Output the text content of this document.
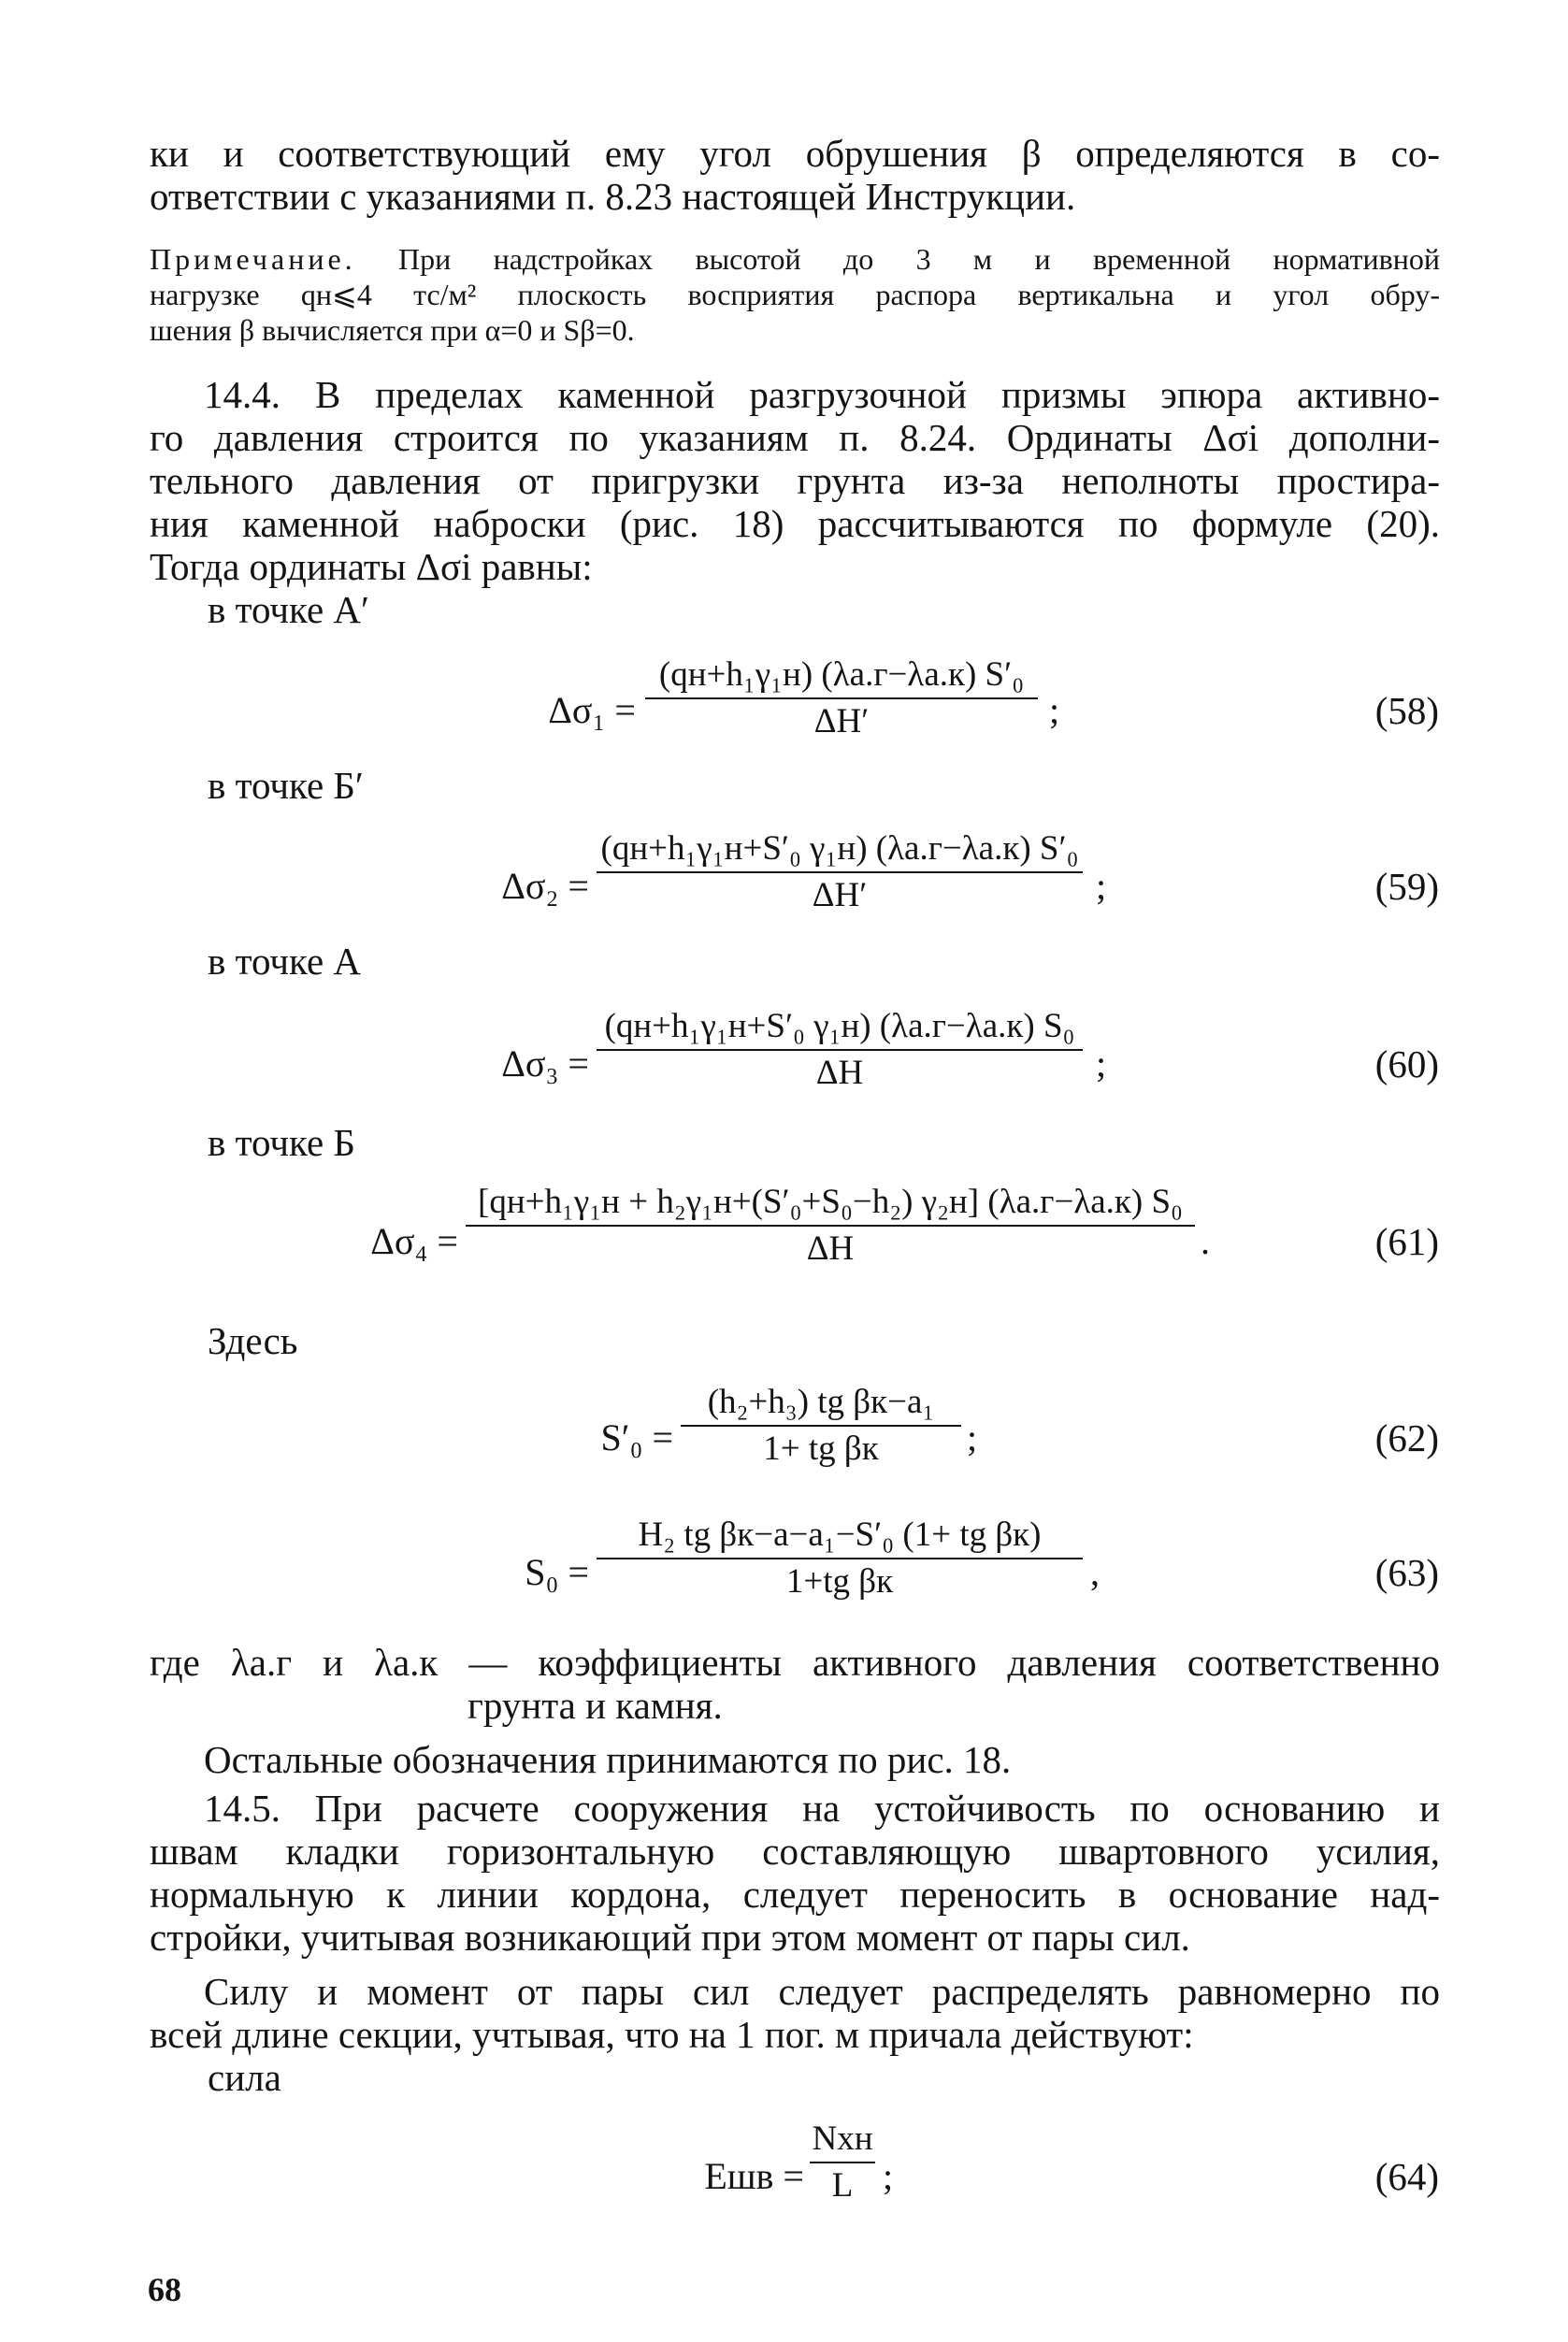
ки и соответствующий ему угол обрушения β определяются в со-
ответствии с указаниями п. 8.23 настоящей Инструкции.
Примечание. При надстройках высотой до 3 м и временной нормативной
нагрузке qн⩽4 тс/м² плоскость восприятия распора вертикальна и угол обру-
шения β вычисляется при α=0 и Sβ=0.
14.4. В пределах каменной разгрузочной призмы эпюра активно-
го давления строится по указаниям п. 8.24. Ординаты Δσi дополни-
тельного давления от пригрузки грунта из-за неполноты простира-
ния каменной наброски (рис. 18) рассчитываются по формуле (20).
Тогда ординаты Δσi равны:
в точке А′
Δσ₁ =
(qн+h₁γ₁н) (λа.г−λа.к) S′₀
ΔH′	;	(58)
в точке Б′
Δσ₂ =
(qн+h₁γ₁н+S′₀ γ₁н) (λа.г−λа.к) S′₀
ΔH′	;	(59)
в точке А
Δσ₃ =
(qн+h₁γ₁н+S′₀ γ₁н) (λа.г−λа.к) S₀
ΔH	;	(60)
в точке Б
Δσ₄ =
[qн+h₁γ₁н + h₂γ₁н+(S′₀+S₀−h₂) γ₂н] (λа.г−λа.к) S₀
ΔH	.	(61)
Здесь
S′₀ =
(h₂+h₃) tg βк−a₁
1+ tg βк	;	(62)
S₀ =
H₂ tg βк−a−a₁−S′₀ (1+ tg βк)
1+tg βк	,	(63)
где λа.г и λа.к — коэффициенты активного давления соответственно
грунта и камня.
Остальные обозначения принимаются по рис. 18.
14.5. При расчете сооружения на устойчивость по основанию и
швам кладки горизонтальную составляющую швартовного усилия,
нормальную к линии кордона, следует переносить в основание над-
стройки, учитывая возникающий при этом момент от пары сил.
Силу и момент от пары сил следует распределять равномерно по
всей длине секции, учтывая, что на 1 пог. м причала действуют:
сила
Eшв =
Nxн
L ;	(64)
68
